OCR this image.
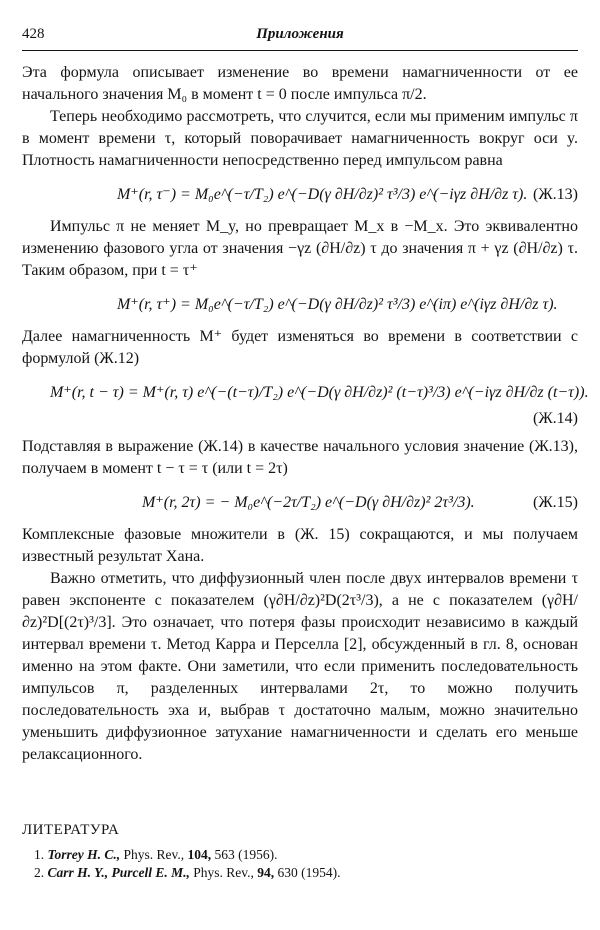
428	Приложения

Эта формула описывает изменение во времени намагниченности от ее начального значения M₀ в момент t = 0 после импульса π/2.

Теперь необходимо рассмотреть, что случится, если мы применим импульс π в момент времени τ, который поворачивает намагниченность вокруг оси y. Плотность намагниченности непосредственно перед импульсом равна

M⁺(r, τ⁻) = M₀e^(−τ/T₂) e^(−D(γ ∂H/∂z)² τ³/3) e^(−iγz ∂H/∂z τ). (Ж.13)

Импульс π не меняет M_y, но превращает M_x в −M_x. Это эквивалентно изменению фазового угла от значения −γz (∂H/∂z) τ до значения π + γz (∂H/∂z) τ. Таким образом, при t = τ⁺

M⁺(r, τ⁺) = M₀e^(−τ/T₂) e^(−D(γ ∂H/∂z)² τ³/3) e^(iπ) e^(iγz ∂H/∂z τ).

Далее намагниченность M⁺ будет изменяться во времени в соответствии с формулой (Ж.12)

M⁺(r, t − τ) = M⁺(r, τ) e^(−(t−τ)/T₂) e^(−D(γ ∂H/∂z)² (t−τ)³/3) e^(−iγz ∂H/∂z (t−τ)).
(Ж.14)

Подставляя в выражение (Ж.14) в качестве начального условия значение (Ж.13), получаем в момент t − τ = τ (или t = 2τ)

M⁺(r, 2τ) = − M₀e^(−2τ/T₂) e^(−D(γ ∂H/∂z)² 2τ³/3).	(Ж.15)

Комплексные фазовые множители в (Ж. 15) сокращаются, и мы получаем известный результат Хана.

Важно отметить, что диффузионный член после двух интервалов времени τ равен экспоненте с показателем (γ∂H/∂z)²D(2τ³/3), а не с показателем (γ∂H/∂z)²D[(2τ)³/3]. Это означает, что потеря фазы происходит независимо в каждый интервал времени τ. Метод Карра и Перселла [2], обсужденный в гл. 8, основан именно на этом факте. Они заметили, что если применить последовательность импульсов π, разделенных интервалами 2τ, то можно получить последовательность эха и, выбрав τ достаточно малым, можно значительно уменьшить диффузионное затухание намагниченности и сделать его меньше релаксационного.

ЛИТЕРАТУРА
1. Torrey H. C., Phys. Rev., 104, 563 (1956).
2. Carr H. Y., Purcell E. M., Phys. Rev., 94, 630 (1954).
